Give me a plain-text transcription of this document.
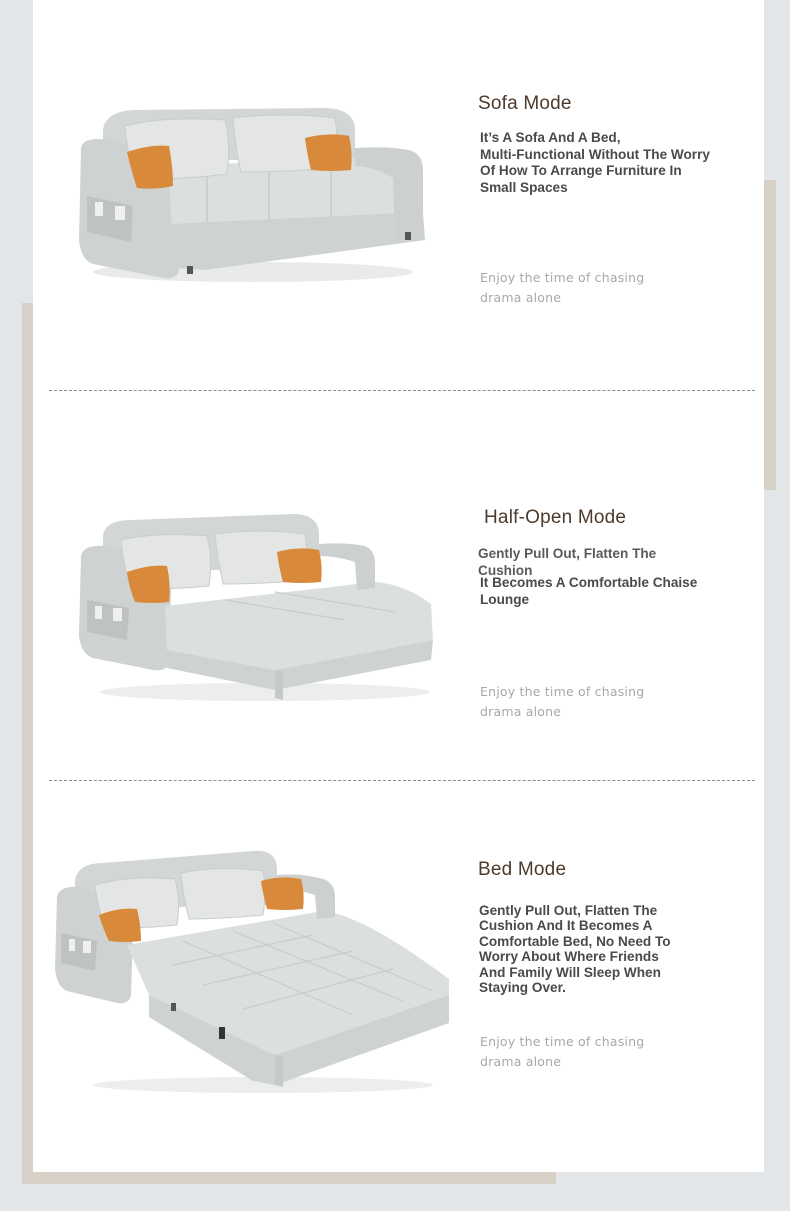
Sofa Mode
It’s A Sofa And A Bed,
Multi-Functional Without The Worry
Of How To Arrange Furniture In
Small Spaces
Enjoy the time of chasing
drama alone
Half-Open Mode
Gently Pull Out, Flatten The
Cushion
It Becomes A Comfortable Chaise
Lounge
Enjoy the time of chasing
drama alone
Bed Mode
Gently Pull Out, Flatten The
Cushion And It Becomes A
Comfortable Bed, No Need To
Worry About Where Friends
And Family Will Sleep When
Staying Over.
Enjoy the time of chasing
drama alone
